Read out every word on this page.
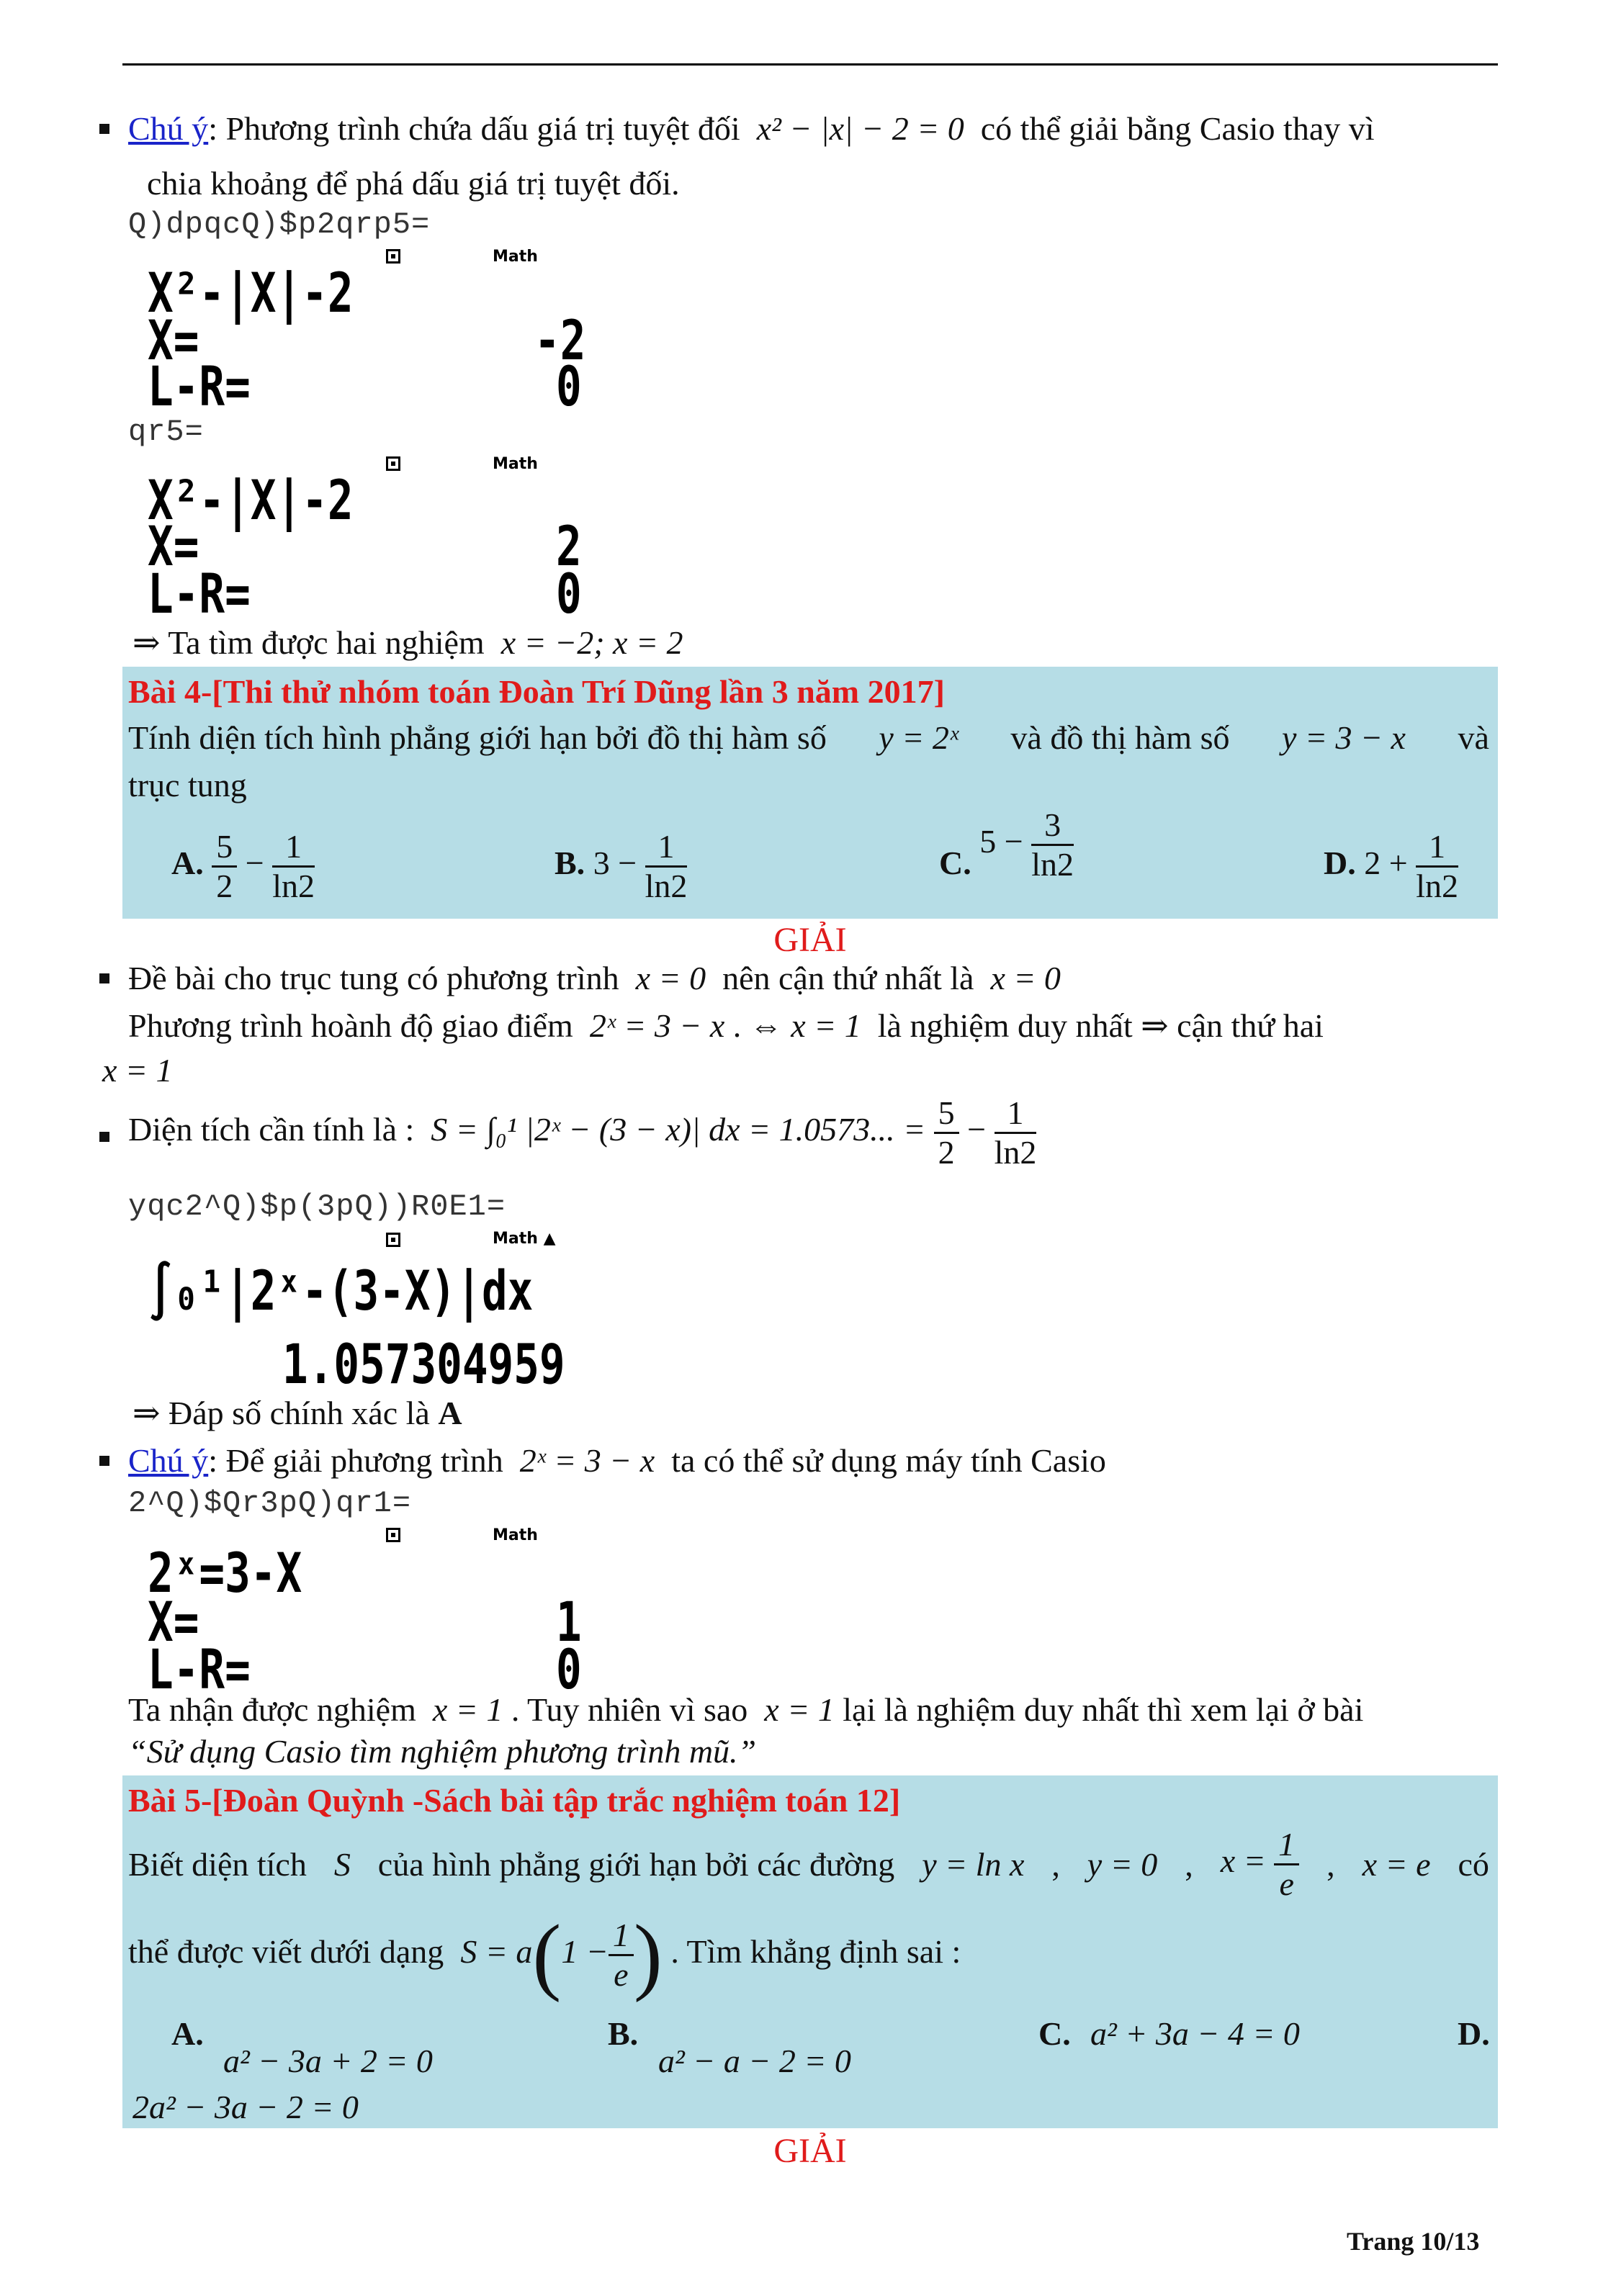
Chú ý: Phương trình chứa dấu giá trị tuyệt đối x² − |x| − 2 = 0 có thể giải bằng Casio thay vì
chia khoảng để phá dấu giá trị tuyệt đối.
Q)dpqcQ)$p2qrp5=
Math
X²-|X|-2
X=	-2
L-R=	0
qr5=
Math
X²-|X|-2
X=	2
L-R=	0
⇒ Ta tìm được hai nghiệm x = −2; x = 2
Bài 4-[Thi thử nhóm toán Đoàn Trí Dũng lần 3 năm 2017]
Tính diện tích hình phẳng giới hạn bởi đồ thị hàm số y = 2ˣ và đồ thị hàm số y = 3 − x và
trục tung
A. $\frac{5}{2} - \frac{1}{\ln 2}$	B. $3 - \frac{1}{\ln 2}$	C. $5 - \frac{3}{\ln 2}$	D. $2 + \frac{1}{\ln 2}$
GIẢI
Đề bài cho trục tung có phương trình x = 0 nên cận thứ nhất là x = 0
Phương trình hoành độ giao điểm 2ˣ = 3 − x . ⇔ x = 1 là nghiệm duy nhất ⇒ cận thứ hai
x = 1
Diện tích cần tính là : S = ∫₀¹ |2ˣ − (3 − x)| dx = 1.0573... = $\frac{5}{2} - \frac{1}{\ln 2}$
yqc2^Q)$p(3pQ))R0E1=
Math ▲
∫₀¹|2ˣ-(3-X)|dx
1.057304959
⇒ Đáp số chính xác là A
Chú ý: Để giải phương trình 2ˣ = 3 − x ta có thể sử dụng máy tính Casio
2^Q)$Qr3pQ)qr1=
Math
2ˣ=3-X
X=	1
L-R=	0
Ta nhận được nghiệm x = 1 . Tuy nhiên vì sao x = 1 lại là nghiệm duy nhất thì xem lại ở bài
“Sử dụng Casio tìm nghiệm phương trình mũ.”
Bài 5-[Đoàn Quỳnh -Sách bài tập trắc nghiệm toán 12]
Biết diện tích S của hình phẳng giới hạn bởi các đường y = ln x , y = 0 , $x = \frac{1}{e}$ , x = e có
thể được viết dưới dạng $S = a(1 - \frac{1}{e}$ ) . Tìm khẳng định sai :
A.
a² − 3a + 2 = 0
B.
a² − a − 2 = 0
C. a² + 3a − 4 = 0	D.
2a² − 3a − 2 = 0
GIẢI
Trang 10/13
